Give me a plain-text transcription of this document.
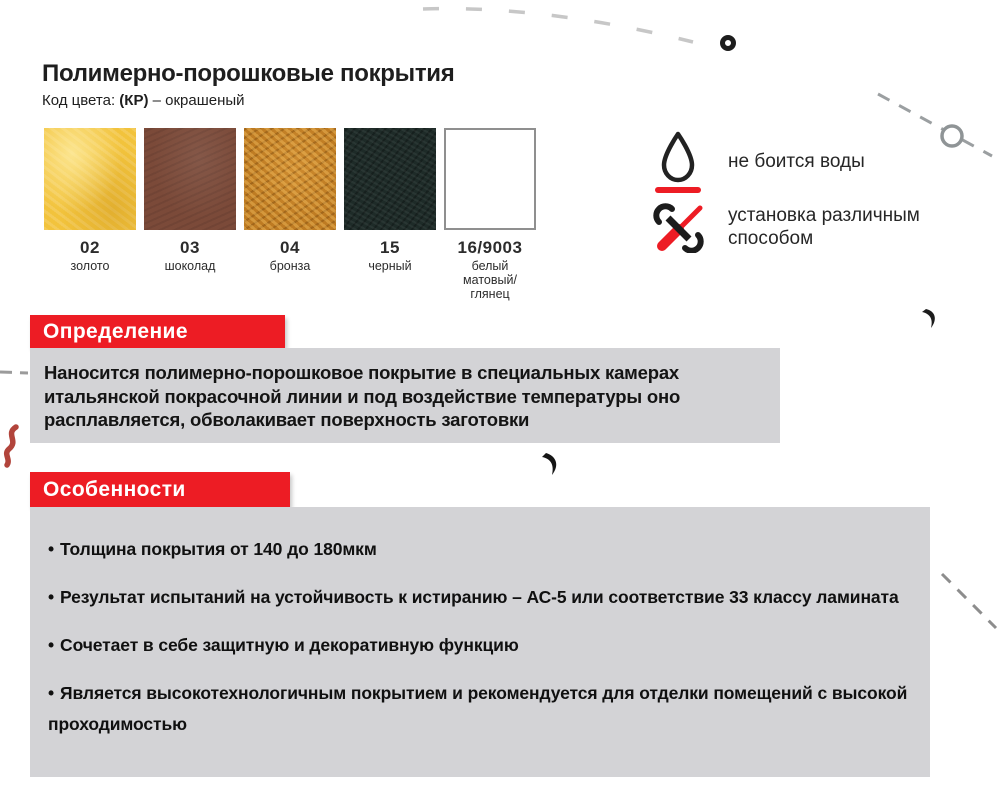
Полимерно-порошковые покрытия

Код цвета: (КР) – окрашеный

02
золото
03
шоколад
04
бронза
15
черный
16/9003
белый матовый/глянец
не боится воды
установка различным способом
Определение

Наносится полимерно-порошковое покрытие в специальных камерах итальянской покрасочной линии и под воздействие температуры оно расплавляется, обволакивает поверхность заготовки

Особенности
• Толщина покрытия от 140 до 180мкм
• Результат испытаний на устойчивость к истиранию – АС-5 или соответствие 33 классу ламината
• Сочетает в себе защитную и декоративную функцию
• Является высокотехнологичным покрытием и рекомендуется для отделки помещений с высокой проходимостью
